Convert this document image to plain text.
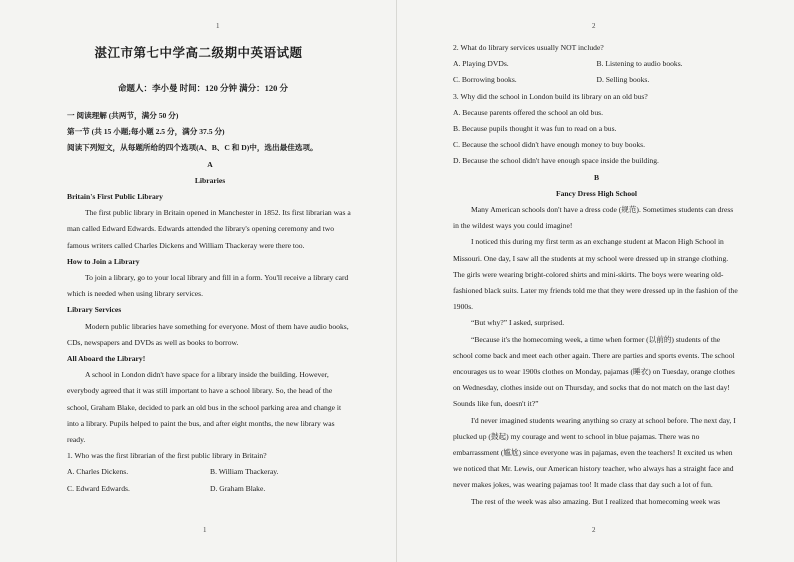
1
湛江市第七中学高二级期中英语试题
命题人：李小曼 时间：120 分钟 满分：120 分
一 阅读理解 (共两节，满分 50 分)
第一节 (共 15 小题;每小题 2.5 分，满分 37.5 分)
阅读下列短文，从每题所给的四个选项(A、B、C 和 D)中，选出最佳选项。
A
Libraries
Britain's First Public Library

The first public library in Britain opened in Manchester in 1852. Its first librarian was a man called Edward Edwards. Edwards attended the library's opening ceremony and two famous writers called Charles Dickens and William Thackeray were there too.

How to Join a Library

To join a library, go to your local library and fill in a form. You'll receive a library card which is needed when using library services.

Library Services

Modern public libraries have something for everyone. Most of them have audio books, CDs, newspapers and DVDs as well as books to borrow.

All Aboard the Library!

A school in London didn't have space for a library inside the building. However, everybody agreed that it was still important to have a school library. So, the head of the school, Graham Blake, decided to park an old bus in the school parking area and change it into a library. Pupils helped to paint the bus, and after eight months, the new library was ready.

1. Who was the first librarian of the first public library in Britain?
A. Charles Dickens.	B. William Thackeray.
C. Edward Edwards.	D. Graham Blake.
1
2
2. What do library services usually NOT include?
A. Playing DVDs.	B. Listening to audio books.
C. Borrowing books.	D. Selling books.
3. Why did the school in London build its library on an old bus?
A. Because parents offered the school an old bus.
B. Because pupils thought it was fun to read on a bus.
C. Because the school didn't have enough money to buy books.
D. Because the school didn't have enough space inside the building.
B
Fancy Dress High School

Many American schools don't have a dress code (规范). Sometimes students can dress in the wildest ways you could imagine!

I noticed this during my first term as an exchange student at Macon High School in Missouri. One day, I saw all the students at my school were dressed up in strange clothing. The girls were wearing bright-colored shirts and mini-skirts. The boys were wearing old-fashioned black suits. Later my friends told me that they were dressed up in the fashion of the 1900s.

“But why?” I asked, surprised.

“Because it's the homecoming week, a time when former (以前的) students of the school come back and meet each other again. There are parties and sports events. The school encourages us to wear 1900s clothes on Monday, pajamas (睡衣) on Tuesday, orange clothes on Wednesday, clothes inside out on Thursday, and socks that do not match on the last day! Sounds like fun, doesn't it?”

I'd never imagined students wearing anything so crazy at school before. The next day, I plucked up (鼓起) my courage and went to school in blue pajamas. There was no embarrassment (尴尬) since everyone was in pajamas, even the teachers! It excited us when we noticed that Mr. Lewis, our American history teacher, who always has a straight face and never makes jokes, was wearing pajamas too! It made class that day such a lot of fun.

The rest of the week was also amazing. But I realized that homecoming week was

2
